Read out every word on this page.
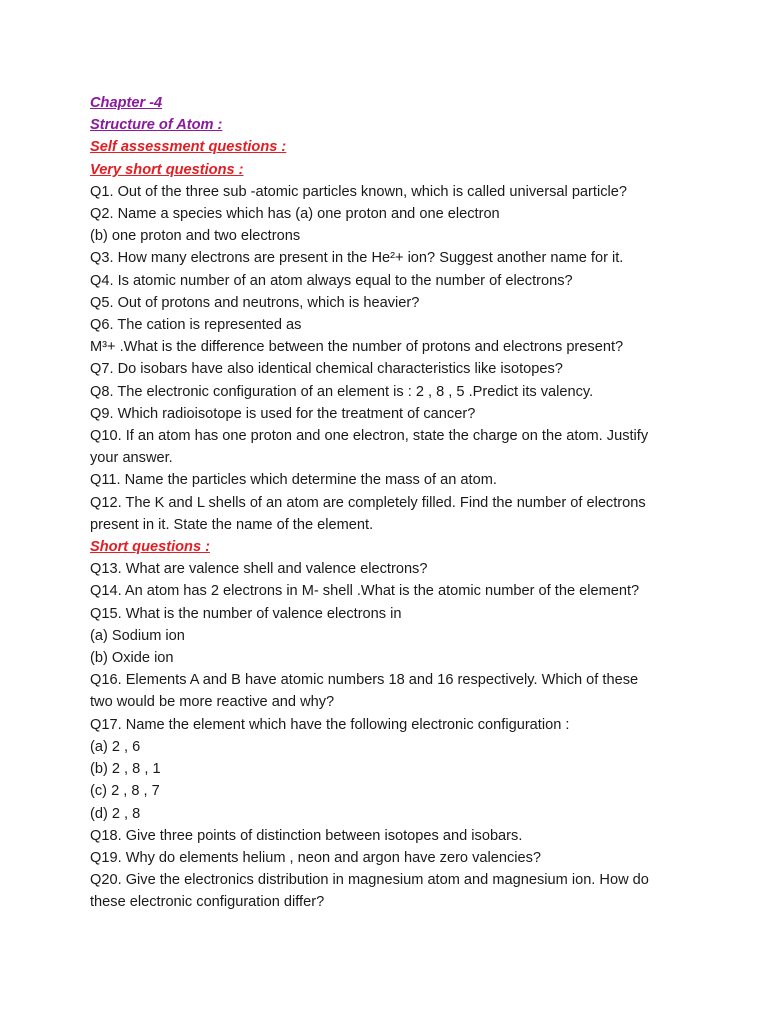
Chapter -4

Structure of Atom :

Self assessment questions :

Very short questions :

Q1. Out of the three sub -atomic particles known, which is called universal particle?

Q2. Name a species which has (a) one proton and one electron

(b) one proton and two electrons

Q3. How many electrons are present in the He²+ ion? Suggest another name for it.

Q4. Is atomic number of an atom always equal to the number of electrons?

Q5. Out of protons and neutrons, which is heavier?

Q6. The cation is represented as

M³+ .What is the difference between the number of protons and electrons present?

Q7. Do isobars have also identical chemical characteristics like isotopes?

Q8. The electronic configuration of an element is : 2 , 8 , 5 .Predict its valency.

Q9. Which radioisotope is used for the treatment of cancer?

Q10. If an atom has one proton and one electron, state the charge on the atom. Justify

your answer.

Q11. Name the particles which determine the mass of an atom.

Q12. The K and L shells of an atom are completely filled. Find the number of electrons

present in it. State the name of the element.

Short questions :

Q13. What are valence shell and valence electrons?

Q14. An atom has 2 electrons in M- shell .What is the atomic number of the element?

Q15. What is the number of valence electrons in

(a) Sodium ion

(b) Oxide ion

Q16. Elements A and B have atomic numbers 18 and 16 respectively. Which of these

two would be more reactive and why?

Q17. Name the element which have the following electronic configuration :

(a) 2 , 6

(b) 2 , 8 , 1

(c) 2 , 8 , 7

(d) 2 , 8

Q18. Give three points of distinction between isotopes and isobars.

Q19. Why do elements helium , neon and argon have zero valencies?

Q20. Give the electronics distribution in magnesium atom and magnesium ion. How do

these electronic configuration differ?
